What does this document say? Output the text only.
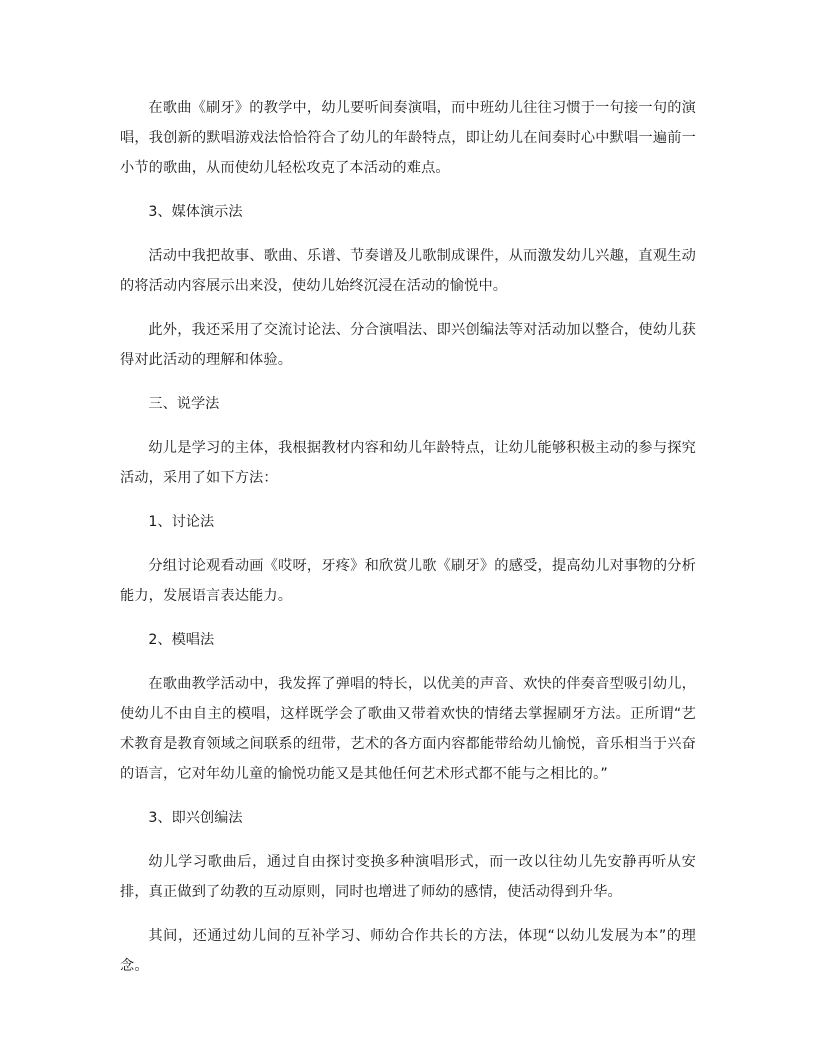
在歌曲《刷牙》的教学中，幼儿要听间奏演唱，而中班幼儿往往习惯于一句接一句的演唱，我创新的默唱游戏法恰恰符合了幼儿的年龄特点，即让幼儿在间奏时心中默唱一遍前一小节的歌曲，从而使幼儿轻松攻克了本活动的难点。

3、媒体演示法

活动中我把故事、歌曲、乐谱、节奏谱及儿歌制成课件，从而激发幼儿兴趣，直观生动的将活动内容展示出来没，使幼儿始终沉浸在活动的愉悦中。

此外，我还采用了交流讨论法、分合演唱法、即兴创编法等对活动加以整合，使幼儿获得对此活动的理解和体验。

三、说学法

幼儿是学习的主体，我根据教材内容和幼儿年龄特点，让幼儿能够积极主动的参与探究活动，采用了如下方法：

1、讨论法

分组讨论观看动画《哎呀，牙疼》和欣赏儿歌《刷牙》的感受，提高幼儿对事物的分析能力，发展语言表达能力。

2、模唱法

在歌曲教学活动中，我发挥了弹唱的特长，以优美的声音、欢快的伴奏音型吸引幼儿，使幼儿不由自主的模唱，这样既学会了歌曲又带着欢快的情绪去掌握刷牙方法。正所谓“艺术教育是教育领域之间联系的纽带，艺术的各方面内容都能带给幼儿愉悦，音乐相当于兴奋的语言，它对年幼儿童的愉悦功能又是其他任何艺术形式都不能与之相比的。”

3、即兴创编法

幼儿学习歌曲后，通过自由探讨变换多种演唱形式，而一改以往幼儿先安静再听从安排，真正做到了幼教的互动原则，同时也增进了师幼的感情，使活动得到升华。

其间，还通过幼儿间的互补学习、师幼合作共长的方法，体现“以幼儿发展为本”的理念。
